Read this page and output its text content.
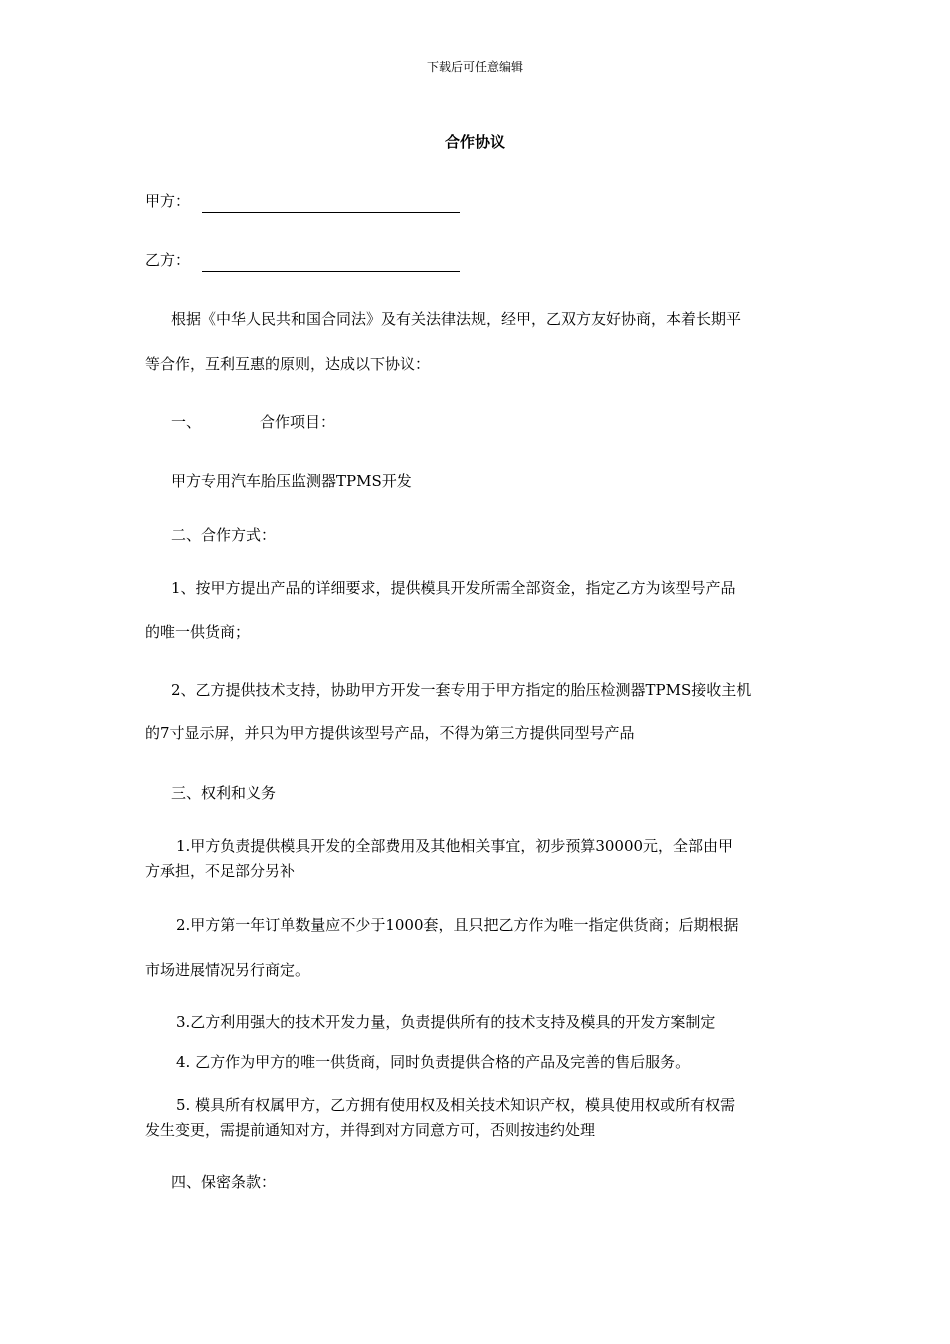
下载后可任意编辑
合作协议
甲方：
乙方：
根据《中华人民共和国合同法》及有关法律法规，经甲，乙双方友好协商，本着长期平
等合作，互利互惠的原则，达成以下协议：
一、	合作项目：
甲方专用汽车胎压监测器TPMS开发
二、合作方式：
1、按甲方提出产品的详细要求，提供模具开发所需全部资金，指定乙方为该型号产品
的唯一供货商；
2、乙方提供技术支持，协助甲方开发一套专用于甲方指定的胎压检测器TPMS接收主机
的7寸显示屏，并只为甲方提供该型号产品，不得为第三方提供同型号产品
三、权利和义务
1.甲方负责提供模具开发的全部费用及其他相关事宜，初步预算30000元，全部由甲
方承担，不足部分另补
2.甲方第一年订单数量应不少于1000套，且只把乙方作为唯一指定供货商；后期根据
市场进展情况另行商定。
3.乙方利用强大的技术开发力量，负责提供所有的技术支持及模具的开发方案制定
4. 乙方作为甲方的唯一供货商，同时负责提供合格的产品及完善的售后服务。
5. 模具所有权属甲方，乙方拥有使用权及相关技术知识产权，模具使用权或所有权需
发生变更，需提前通知对方，并得到对方同意方可，否则按违约处理
四、保密条款：
